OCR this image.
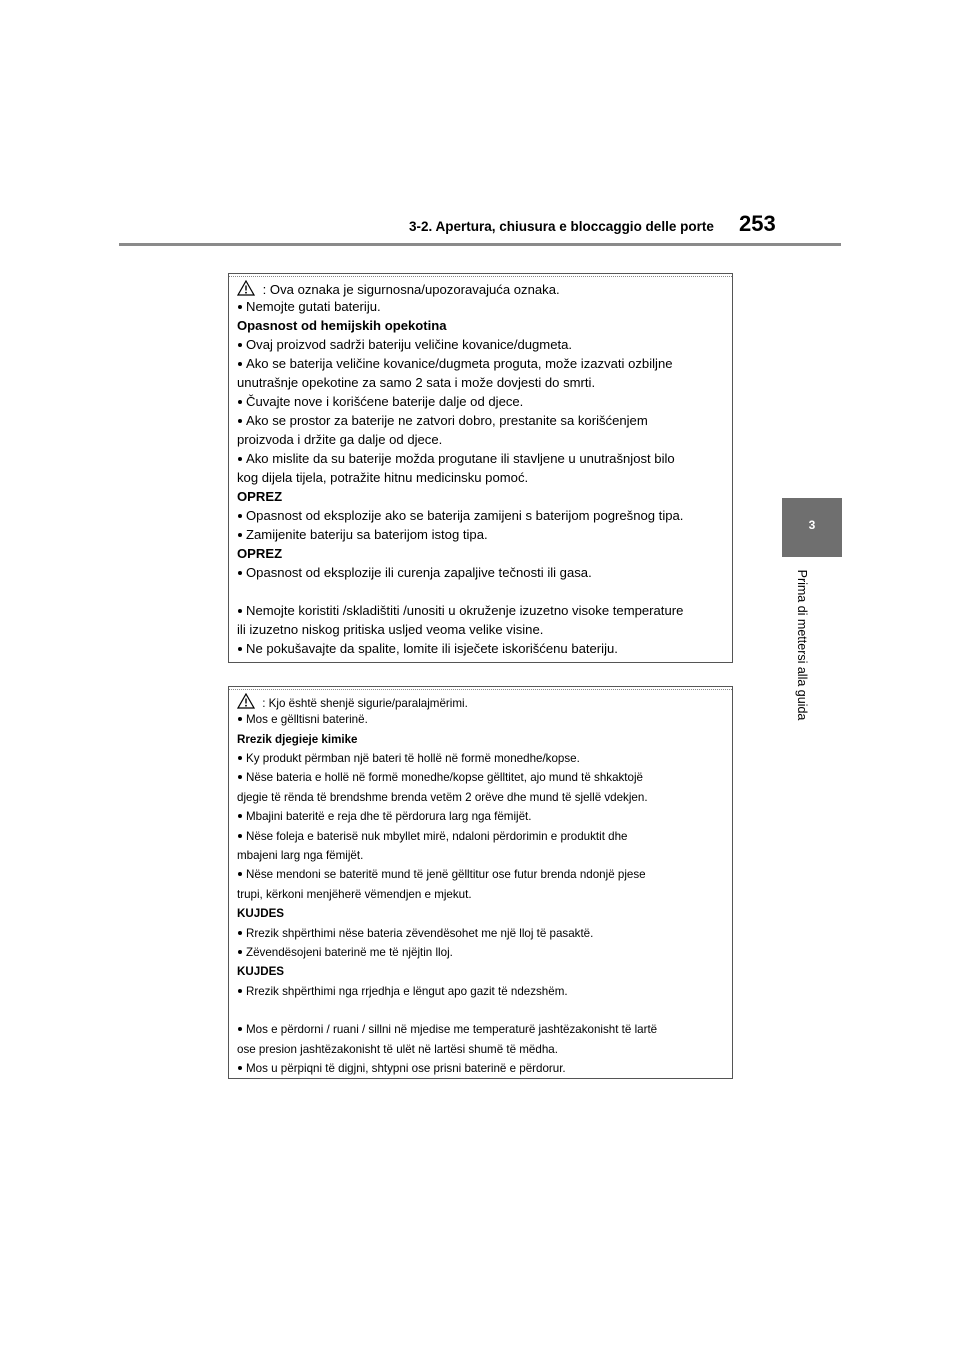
3-2. Apertura, chiusura e bloccaggio delle porte 253
3
Prima di mettersi alla guida
: Ova oznaka je sigurnosna/upozoravajuća oznaka.
Nemojte gutati bateriju.
Opasnost od hemijskih opekotina
Ovaj proizvod sadrži bateriju veličine kovanice/dugmeta.
Ako se baterija veličine kovanice/dugmeta proguta, može izazvati ozbiljne
unutrašnje opekotine za samo 2 sata i može dovjesti do smrti.
Čuvajte nove i korišćene baterije dalje od djece.
Ako se prostor za baterije ne zatvori dobro, prestanite sa korišćenjem
proizvoda i držite ga dalje od djece.
Ako mislite da su baterije možda progutane ili stavljene u unutrašnjost bilo
kog dijela tijela, potražite hitnu medicinsku pomoć.
OPREZ
Opasnost od eksplozije ako se baterija zamijeni s baterijom pogrešnog tipa.
Zamijenite bateriju sa baterijom istog tipa.
OPREZ
Opasnost od eksplozije ili curenja zapaljive tečnosti ili gasa.
Nemojte koristiti /skladištiti /unositi u okruženje izuzetno visoke temperature
ili izuzetno niskog pritiska usljed veoma velike visine.
Ne pokušavajte da spalite, lomite ili isječete iskorišćenu bateriju.
: Kjo është shenjë sigurie/paralajmërimi.
Mos e gëlltisni baterinë.
Rrezik djegieje kimike
Ky produkt përmban një bateri të hollë në formë monedhe/kopse.
Nëse bateria e hollë në formë monedhe/kopse gëlltitet, ajo mund të shkaktojë
djegie të rënda të brendshme brenda vetëm 2 orëve dhe mund të sjellë vdekjen.
Mbajini bateritë e reja dhe të përdorura larg nga fëmijët.
Nëse foleja e baterisë nuk mbyllet mirë, ndaloni përdorimin e produktit dhe
mbajeni larg nga fëmijët.
Nëse mendoni se bateritë mund të jenë gëlltitur ose futur brenda ndonjë pjese
trupi, kërkoni menjëherë vëmendjen e mjekut.
KUJDES
Rrezik shpërthimi nëse bateria zëvendësohet me një lloj të pasaktë.
Zëvendësojeni baterinë me të njëjtin lloj.
KUJDES
Rrezik shpërthimi nga rrjedhja e lëngut apo gazit të ndezshëm.
Mos e përdorni / ruani / sillni në mjedise me temperaturë jashtëzakonisht të lartë
ose presion jashtëzakonisht të ulët në lartësi shumë të mëdha.
Mos u përpiqni të digjni, shtypni ose prisni baterinë e përdorur.
